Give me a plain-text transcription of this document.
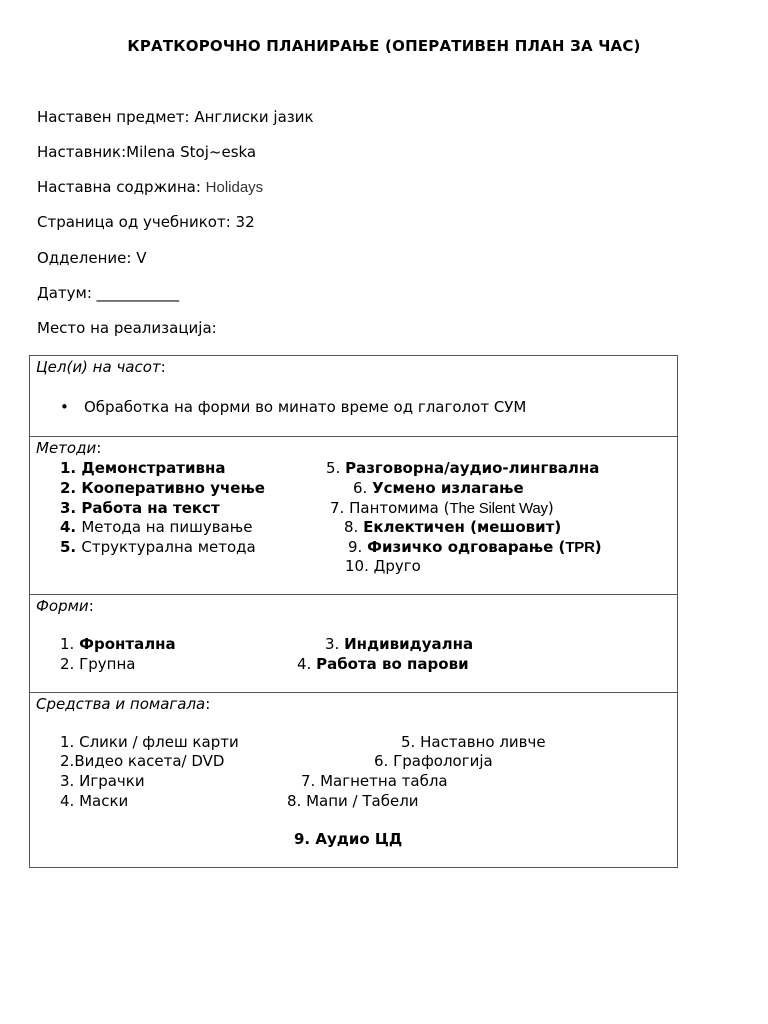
КРАТКОРОЧНО ПЛАНИРАЊЕ (ОПЕРАТИВЕН ПЛАН ЗА ЧАС)
Наставен предмет: Англиски јазик
Наставник:Milena Stoj~eska
Наставна содржина: Holidays
Страница од учебникот: 32
Одделение: V
Датум: ___________
Место на реализација:
Цел(и) на часот:
• Обработка на форми во минато време од глаголот СУМ

Методи:
1. Демонстративна
2. Кооперативно учење
3. Работа на текст
4. Метода на пишување
5. Структурална метода
5. Разговорна/аудио-лингвална
6. Усмено излагање
7. Пантомима (The Silent Way)
8. Еклектичен (мешовит)
9. Физичко одговарање (TPR)
10. Друго

Форми:
1. Фронтална
2. Групна
3. Индивидуална
4. Работа во парови

Средства и помагала:
1. Слики / флеш карти
2.Видео касета/ DVD
3. Играчки
4. Маски
5. Наставно ливче
6. Графологија
7. Магнетна табла
8. Мапи / Табели
9. Аудио ЦД
